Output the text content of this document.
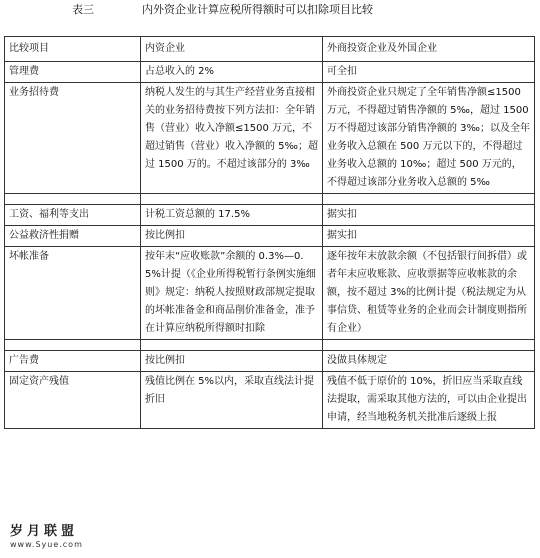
表三	内外资企业计算应税所得额时可以扣除项目比较
比较项目	内资企业	外商投资企业及外国企业
管理费	占总收入的 2%	可全扣
业务招待费	纳税人发生的与其生产经营业务直接相关的业务招待费按下列方法扣：全年销售（营业）收入净额≤1500 万元，不超过销售（营业）收入净额的 5‰；超过 1500 万的。不超过该部分的 3‰	外商投资企业只规定了全年销售净额≤1500 万元，不得超过销售净额的 5‰，超过 1500 万不得超过该部分销售净额的 3‰；以及全年业务收入总额在 500 万元以下的，不得超过业务收入总额的 10‰；超过 500 万元的，不得超过该部分业务收入总额的 5‰

工资、福利等支出	计税工资总额的 17.5%	据实扣
公益救济性捐赠	按比例扣	据实扣
坏帐准备	按年末“应收账款”余额的 0.3%—0.5%计提（《企业所得税暂行条例实施细则》规定：纳税人按照财政部规定提取的坏帐准备金和商品削价准备金，准予在计算应纳税所得额时扣除	逐年按年末放款余额（不包括银行间拆借）或者年末应收账款、应收票据等应收帐款的余额，按不超过 3%的比例计提（税法规定为从事信贷、租赁等业务的企业而会计制度则指所有企业）

广告费	按比例扣	没做具体规定
固定资产残值	残值比例在 5%以内，采取直线法计提折旧	残值不低于原价的 10%，折旧应当采取直线法提取，需采取其他方法的，可以由企业提出申请，经当地税务机关批准后逐级上报
岁月联盟
www.Syue.com
